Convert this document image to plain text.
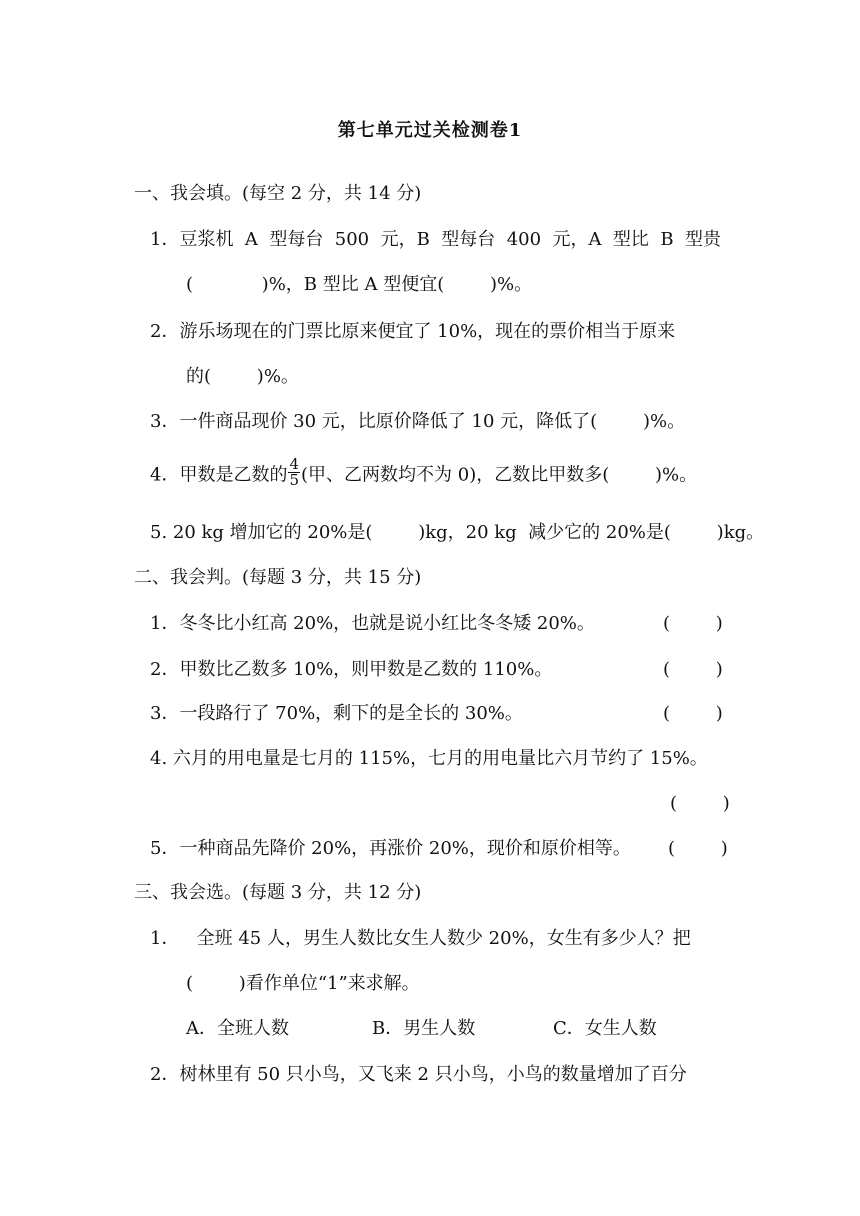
第七单元过关检测卷1
一、我会填。(每空 2 分，共 14 分)
1．豆浆机  A  型每台  500  元，B  型每台  400  元，A  型比  B  型贵
(            )%，B 型比 A 型便宜(        )%。
2．游乐场现在的门票比原来便宜了 10%，现在的票价相当于原来
的(        )%。
3．一件商品现价 30 元，比原价降低了 10 元，降低了(        )%。
4．甲数是乙数的 $\frac{4}{5}$ (甲、乙两数均不为 0)，乙数比甲数多(        )%。
5. 20 kg 增加它的 20%是(        )kg，20 kg  减少它的 20%是(        )kg。
二、我会判。(每题 3 分，共 15 分)
1．冬冬比小红高 20%，也就是说小红比冬冬矮 20%。	(        )
2．甲数比乙数多 10%，则甲数是乙数的 110%。	(        )
3．一段路行了 70%，剩下的是全长的 30%。	(        )
4. 六月的用电量是七月的 115%，七月的用电量比六月节约了 15%。
(        )
5．一种商品先降价 20%，再涨价 20%，现价和原价相等。 (        )
三、我会选。(每题 3 分，共 12 分)
1．   全班 45 人，男生人数比女生人数少 20%，女生有多少人？把
(        )看作单位“1”来求解。
A．全班人数	B．男生人数	C．女生人数
2．树林里有 50 只小鸟，又飞来 2 只小鸟，小鸟的数量增加了百分
